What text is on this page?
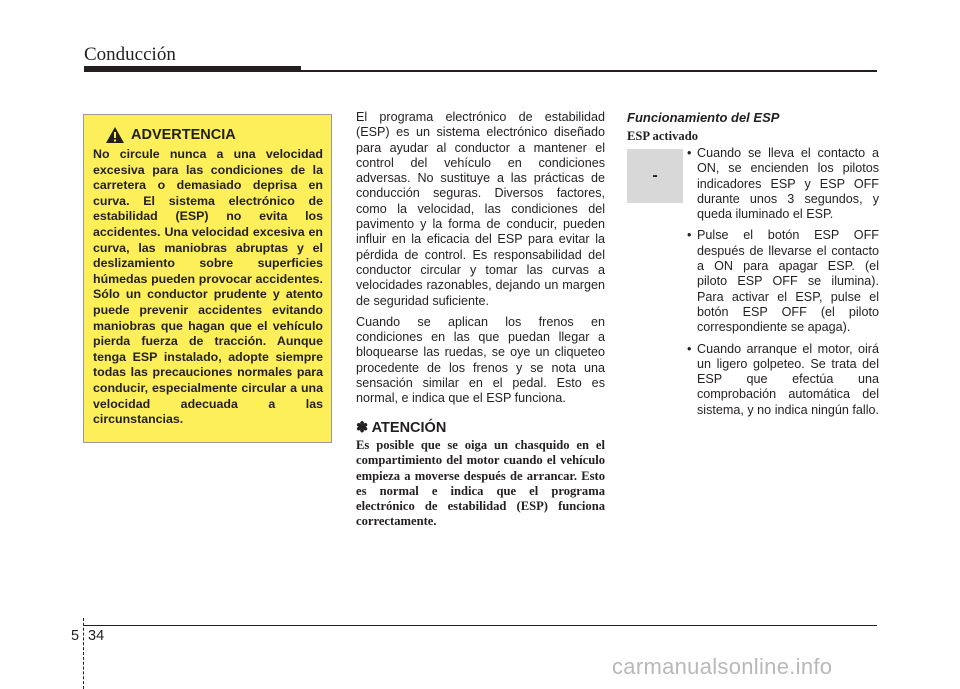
Conducción
ADVERTENCIA

No circule nunca a una velocidad excesiva para las condiciones de la carretera o demasiado deprisa en curva. El sistema electrónico de estabilidad (ESP) no evita los accidentes. Una velocidad excesiva en curva, las maniobras abruptas y el deslizamiento sobre superficies húmedas pueden provocar accidentes. Sólo un conductor prudente y atento puede prevenir accidentes evitando maniobras que hagan que el vehículo pierda fuerza de tracción. Aunque tenga ESP instalado, adopte siempre todas las precauciones normales para conducir, especialmente circular a una velocidad adecuada a las circunstancias.

El programa electrónico de estabilidad (ESP) es un sistema electrónico diseñado para ayudar al conductor a mantener el control del vehículo en condiciones adversas. No sustituye a las prácticas de conducción seguras. Diversos factores, como la velocidad, las condiciones del pavimento y la forma de conducir, pueden influir en la eficacia del ESP para evitar la pérdida de control. Es responsabilidad del conductor circular y tomar las curvas a velocidades razonables, dejando un margen de seguridad suficiente.

Cuando se aplican los frenos en condiciones en las que puedan llegar a bloquearse las ruedas, se oye un cliqueteo procedente de los frenos y se nota una sensación similar en el pedal. Esto es normal, e indica que el ESP funciona.

✽ ATENCIÓN

Es posible que se oiga un chasquido en el compartimiento del motor cuando el vehículo empieza a moverse después de arrancar. Esto es normal e indica que el programa electrónico de estabilidad (ESP) funciona correctamente.

Funcionamiento del ESP
ESP activado
-
• Cuando se lleva el contacto a ON, se encienden los pilotos indicadores ESP y ESP OFF durante unos 3 segundos, y queda iluminado el ESP.
• Pulse el botón ESP OFF después de llevarse el contacto a ON para apagar ESP. (el piloto ESP OFF se ilumina). Para activar el ESP, pulse el botón ESP OFF (el piloto correspondiente se apaga).
• Cuando arranque el motor, oirá un ligero golpeteo. Se trata del ESP que efectúa una comprobación automática del sistema, y no indica ningún fallo.
5 34
carmanualsonline.info
